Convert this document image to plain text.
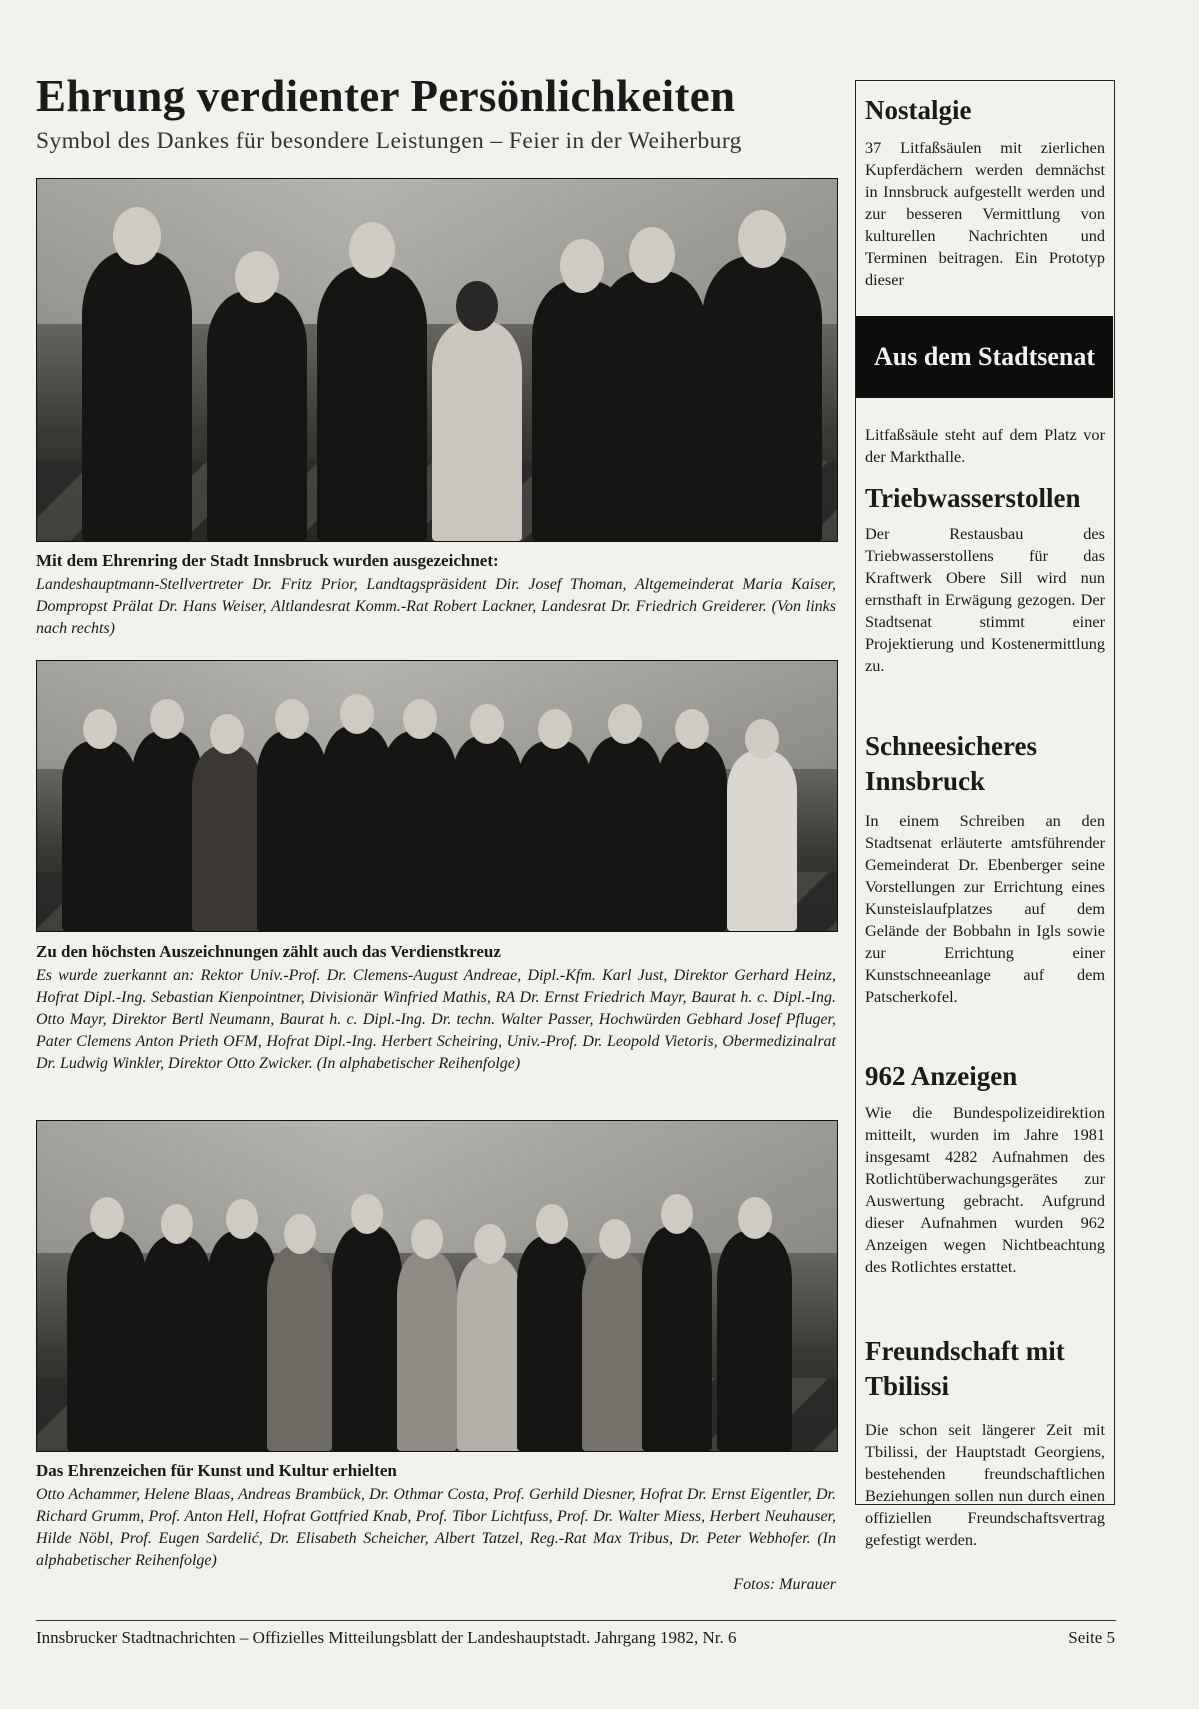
Ehrung verdienter Persönlichkeiten

Symbol des Dankes für besondere Leistungen – Feier in der Weiherburg

Mit dem Ehrenring der Stadt Innsbruck wurden ausgezeichnet:

Landeshauptmann-Stellvertreter Dr. Fritz Prior, Landtagspräsident Dir. Josef Thoman, Altgemeinderat Maria Kaiser, Dompropst Prälat Dr. Hans Weiser, Altlandesrat Komm.-Rat Robert Lackner, Landesrat Dr. Friedrich Greiderer. (Von links nach rechts)

Zu den höchsten Auszeichnungen zählt auch das Verdienstkreuz

Es wurde zuerkannt an: Rektor Univ.-Prof. Dr. Clemens-August Andreae, Dipl.-Kfm. Karl Just, Direktor Gerhard Heinz, Hofrat Dipl.-Ing. Sebastian Kienpointner, Divisionär Winfried Mathis, RA Dr. Ernst Friedrich Mayr, Baurat h. c. Dipl.-Ing. Otto Mayr, Direktor Bertl Neumann, Baurat h. c. Dipl.-Ing. Dr. techn. Walter Passer, Hochwürden Gebhard Josef Pfluger, Pater Clemens Anton Prieth OFM, Hofrat Dipl.-Ing. Herbert Scheiring, Univ.-Prof. Dr. Leopold Vietoris, Obermedizinalrat Dr. Ludwig Winkler, Direktor Otto Zwicker. (In alphabetischer Reihenfolge)

Das Ehrenzeichen für Kunst und Kultur erhielten

Otto Achammer, Helene Blaas, Andreas Brambück, Dr. Othmar Costa, Prof. Gerhild Diesner, Hofrat Dr. Ernst Eigentler, Dr. Richard Grumm, Prof. Anton Hell, Hofrat Gottfried Knab, Prof. Tibor Lichtfuss, Prof. Dr. Walter Miess, Herbert Neuhauser, Hilde Nöbl, Prof. Eugen Sardelić, Dr. Elisabeth Scheicher, Albert Tatzel, Reg.-Rat Max Tribus, Dr. Peter Webhofer. (In alphabetischer Reihenfolge)

Fotos: Murauer
Nostalgie

37 Litfaßsäulen mit zierlichen Kupferdächern werden demnächst in Innsbruck aufgestellt werden und zur besseren Vermittlung von kulturellen Nachrichten und Terminen beitragen. Ein Prototyp dieser

Aus dem Stadtsenat

Litfaßsäule steht auf dem Platz vor der Markthalle.

Triebwasserstollen

Der Restausbau des Triebwasserstollens für das Kraftwerk Obere Sill wird nun ernsthaft in Erwägung gezogen. Der Stadtsenat stimmt einer Projektierung und Kostenermittlung zu.

Schneesicheres Innsbruck

In einem Schreiben an den Stadtsenat erläuterte amtsführender Gemeinderat Dr. Ebenberger seine Vorstellungen zur Errichtung eines Kunsteislaufplatzes auf dem Gelände der Bobbahn in Igls sowie zur Errichtung einer Kunstschneeanlage auf dem Patscherkofel.

962 Anzeigen

Wie die Bundespolizeidirektion mitteilt, wurden im Jahre 1981 insgesamt 4282 Aufnahmen des Rotlichtüberwachungsgerätes zur Auswertung gebracht. Aufgrund dieser Aufnahmen wurden 962 Anzeigen wegen Nichtbeachtung des Rotlichtes erstattet.

Freundschaft mit Tbilissi

Die schon seit längerer Zeit mit Tbilissi, der Hauptstadt Georgiens, bestehenden freundschaftlichen Beziehungen sollen nun durch einen offiziellen Freundschaftsvertrag gefestigt werden.

Innsbrucker Stadtnachrichten – Offizielles Mitteilungsblatt der Landeshauptstadt. Jahrgang 1982, Nr. 6	Seite 5
